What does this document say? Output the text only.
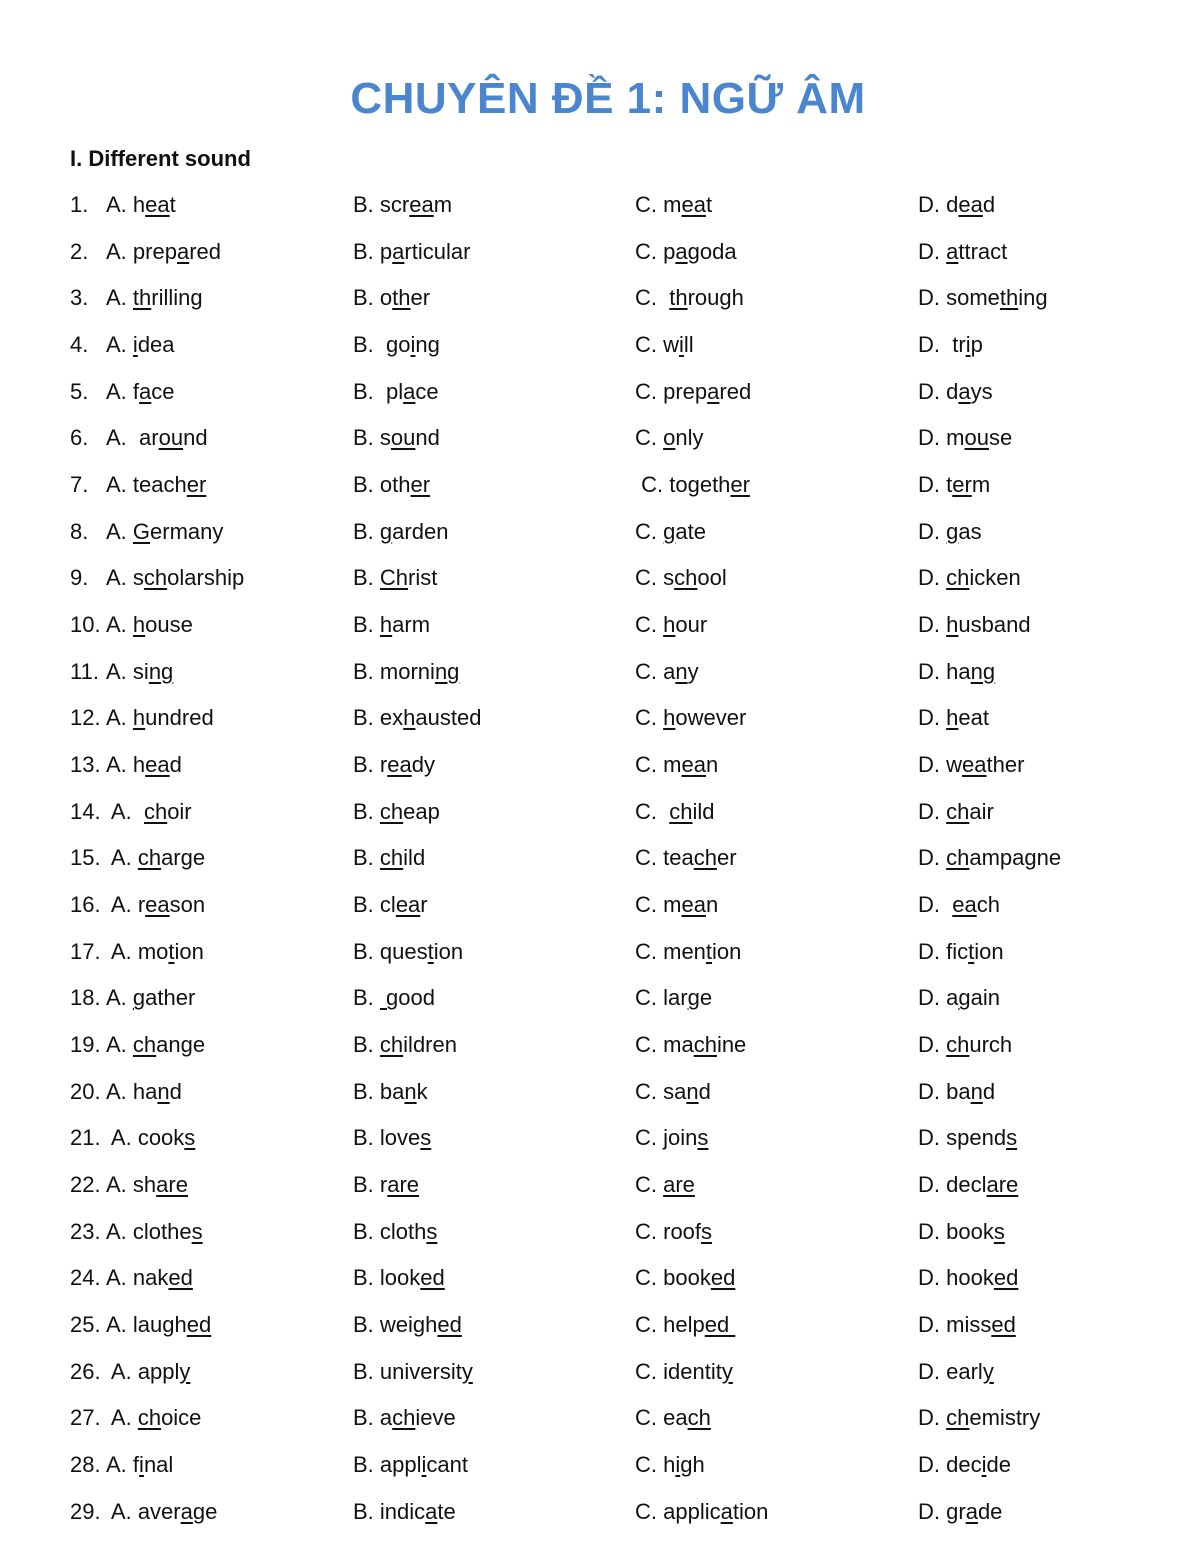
CHUYÊN ĐỀ 1: NGỮ ÂM
I. Different sound
1. A. heat	B. scream	C. meat	D. dead
2. A. prepared	B. particular	C. pagoda	D. attract
3. A. thrilling	B. other	C. through	D. something
4. A. idea	B.  going	C. will	D.  trip
5. A. face	B.  place	C. prepared	D. days
6. A.  around	B. sound	C. only	D. mouse
7. A. teacher	B. other	C. together	D. term
8. A. Germany	B. garden	C. gate	D. gas
9. A. scholarship	B. Christ	C. school	D. chicken
10. A. house	B. harm	C. hour	D. husband
11. A. sing	B. morning	C. any	D. hang
12. A. hundred	B. exhausted	C. however	D. heat
13. A. head	B. ready	C. mean	D. weather
14. A. choir	B. cheap	C. child	D. chair
15. A. charge	B. child	C. teacher	D. champagne
16. A. reason	B. clear	C. mean	D. each
17. A. motion	B. question	C. mention	D. fiction
18. A. gather	B.  good	C. large	D. again
19. A. change	B. children	C. machine	D. church
20. A. hand	B. bank	C. sand	D. band
21. A. cooks	B. loves	C. joins	D. spends
22. A. share	B. rare	C. are	D. declare
23. A. clothes	B. cloths	C. roofs	D. books
24. A. naked	B. looked	C. booked	D. hooked
25. A. laughed	B. weighed	C. helped	D. missed
26. A. apply	B. university	C. identity	D. early
27. A. choice	B. achieve	C. each	D. chemistry
28. A. final	B. applicant	C. high	D. decide
29. A. average	B. indicate	C. application	D. grade
